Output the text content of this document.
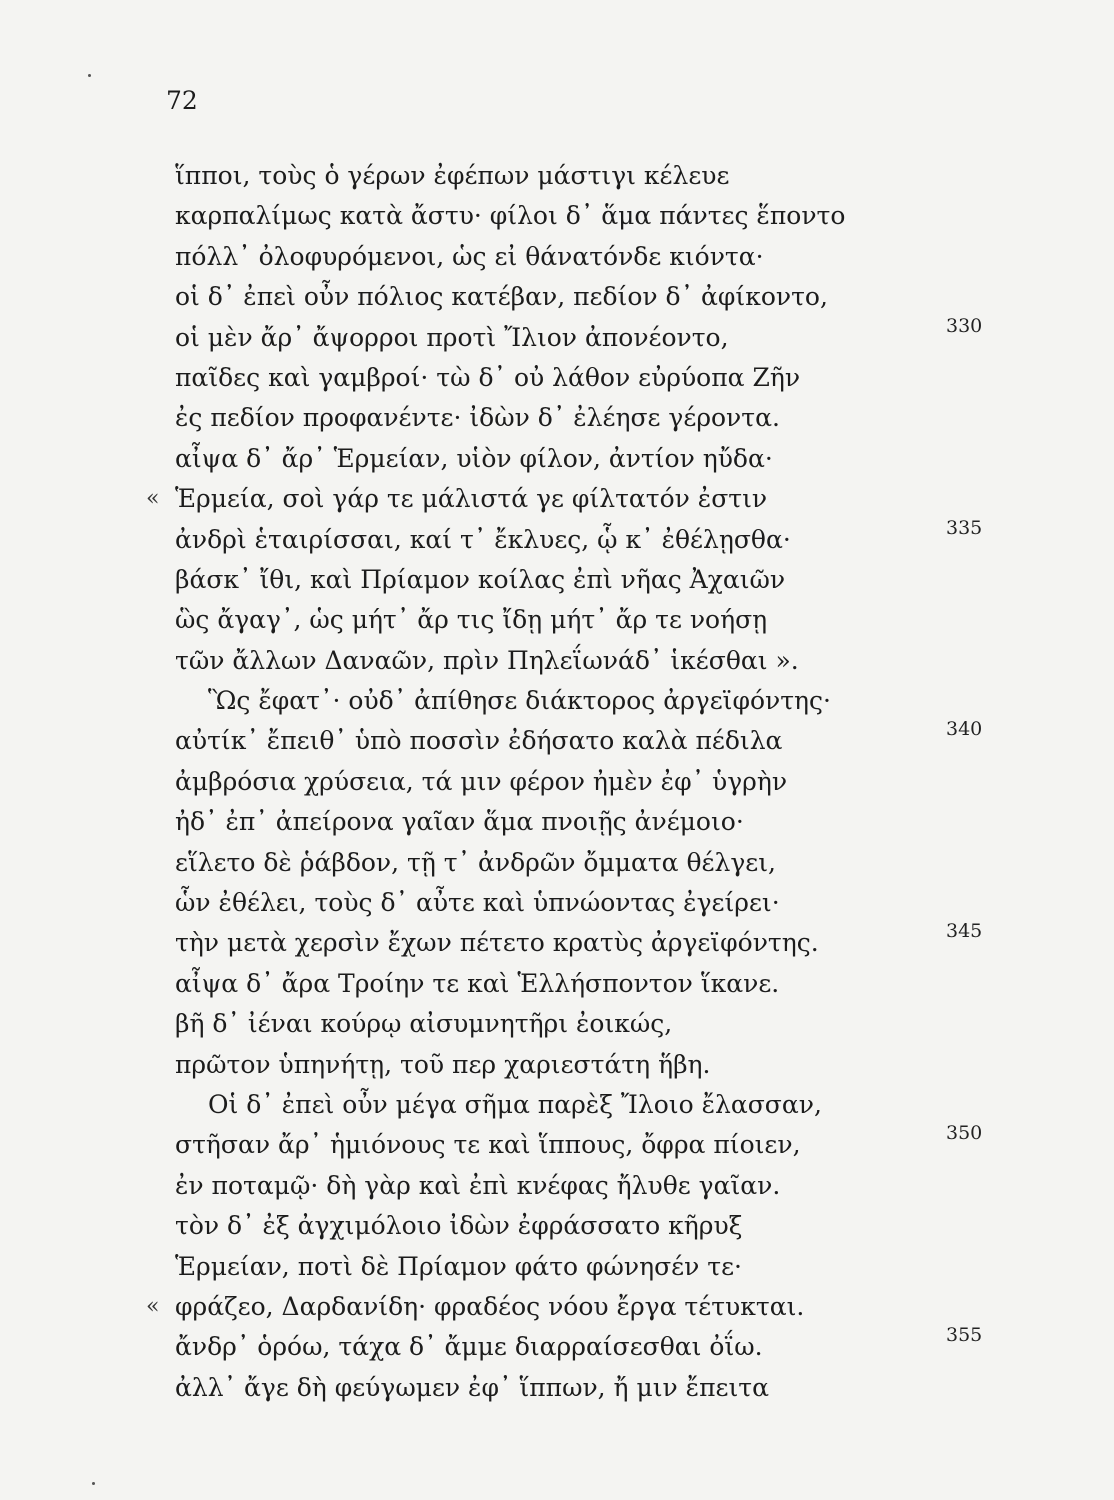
72
ἵπποι, τοὺς ὁ γέρων ἐφέπων μάστιγι κέλευε
καρπαλίμως κατὰ ἄστυ· φίλοι δ᾽ ἅμα πάντες ἕποντο
πόλλ᾽ ὀλοφυρόμενοι, ὡς εἰ θάνατόνδε κιόντα·
οἱ δ᾽ ἐπεὶ οὖν πόλιος κατέβαν, πεδίον δ᾽ ἀφίκοντο,
οἱ μὲν ἄρ᾽ ἄψορροι προτὶ Ἴλιον ἀπονέοντο,	330
παῖδες καὶ γαμβροί· τὼ δ᾽ οὐ λάθον εὐρύοπα Ζῆν
ἐς πεδίον προφανέντε· ἰδὼν δ᾽ ἐλέησε γέροντα.
αἶψα δ᾽ ἄρ᾽ Ἑρμείαν, υἱὸν φίλον, ἀντίον ηὔδα·
« Ἑρμεία, σοὶ γάρ τε μάλιστά γε φίλτατόν ἐστιν
ἀνδρὶ ἑταιρίσσαι, καί τ᾽ ἔκλυες, ᾧ κ᾽ ἐθέλῃσθα·	335
βάσκ᾽ ἴθι, καὶ Πρίαμον κοίλας ἐπὶ νῆας Ἀχαιῶν
ὣς ἄγαγ᾽, ὡς μήτ᾽ ἄρ τις ἴδῃ μήτ᾽ ἄρ τε νοήσῃ
τῶν ἄλλων Δαναῶν, πρὶν Πηλεΐωνάδ᾽ ἱκέσθαι ».
Ὣς ἔφατ᾽· οὐδ᾽ ἀπίθησε διάκτορος ἀργεϊφόντης·
αὐτίκ᾽ ἔπειθ᾽ ὑπὸ ποσσὶν ἐδήσατο καλὰ πέδιλα	340
ἀμβρόσια χρύσεια, τά μιν φέρον ἠμὲν ἐφ᾽ ὑγρὴν
ἠδ᾽ ἐπ᾽ ἀπείρονα γαῖαν ἅμα πνοιῇς ἀνέμοιο·
εἵλετο δὲ ῥάβδον, τῇ τ᾽ ἀνδρῶν ὄμματα θέλγει,
ὧν ἐθέλει, τοὺς δ᾽ αὖτε καὶ ὑπνώοντας ἐγείρει·
τὴν μετὰ χερσὶν ἔχων πέτετο κρατὺς ἀργεϊφόντης.	345
αἶψα δ᾽ ἄρα Τροίην τε καὶ Ἑλλήσποντον ἵκανε.
βῆ δ᾽ ἰέναι κούρῳ αἰσυμνητῆρι ἐοικώς,
πρῶτον ὑπηνήτῃ, τοῦ περ χαριεστάτη ἥβη.
Οἱ δ᾽ ἐπεὶ οὖν μέγα σῆμα παρὲξ Ἴλοιο ἔλασσαν,
στῆσαν ἄρ᾽ ἡμιόνους τε καὶ ἵππους, ὄφρα πίοιεν,	350
ἐν ποταμῷ· δὴ γὰρ καὶ ἐπὶ κνέφας ἤλυθε γαῖαν.
τὸν δ᾽ ἐξ ἀγχιμόλοιο ἰδὼν ἐφράσσατο κῆρυξ
Ἑρμείαν, ποτὶ δὲ Πρίαμον φάτο φώνησέν τε·
« φράζεο, Δαρδανίδη· φραδέος νόου ἔργα τέτυκται.
ἄνδρ᾽ ὁρόω, τάχα δ᾽ ἄμμε διαρραίσεσθαι ὀΐω.	355
ἀλλ᾽ ἄγε δὴ φεύγωμεν ἐφ᾽ ἵππων, ἤ μιν ἔπειτα
